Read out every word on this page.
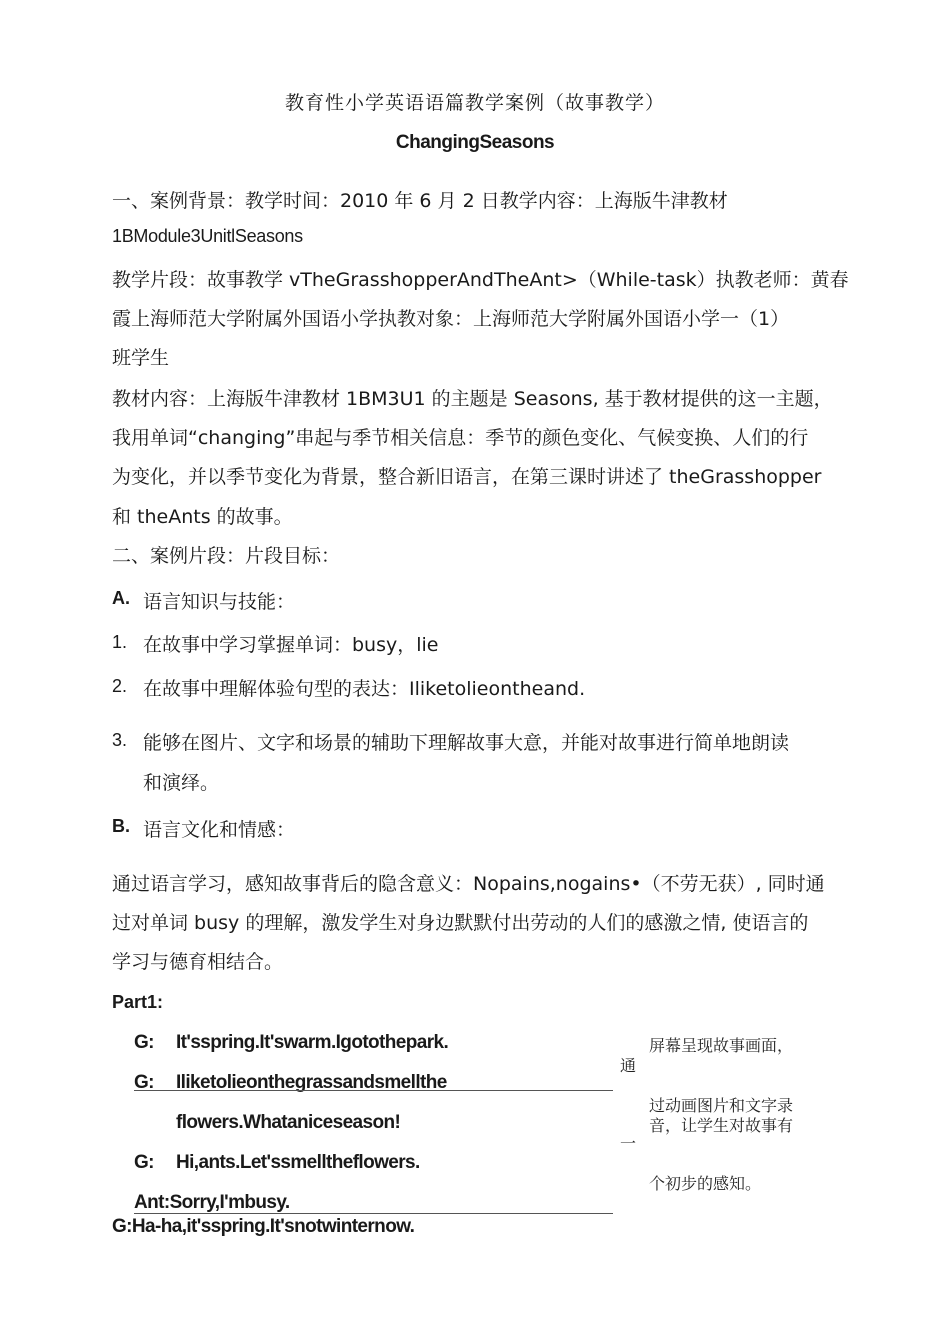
教育性小学英语语篇教学案例（故事教学）
ChangingSeasons
一、案例背景：教学时间：2010 年 6 月 2 日教学内容：上海版牛津教材
1BModule3UnitlSeasons
教学片段：故事教学 vTheGrasshopperAndTheAnt>（While-task）执教老师：黄春
霞上海师范大学附属外国语小学执教对象：上海师范大学附属外国语小学一（1）
班学生
教材内容：上海版牛津教材 1BM3U1 的主题是 Seasons, 基于教材提供的这一主题，
我用单词“changing”串起与季节相关信息：季节的颜色变化、气候变换、人们的行
为变化，并以季节变化为背景，整合新旧语言，在第三课时讲述了 theGrasshopper
和 theAnts 的故事。
二、案例片段：片段目标：
A. 语言知识与技能：
1. 在故事中学习掌握单词：busy，lie
2. 在故事中理解体验句型的表达：Iliketolieontheand.
3. 能够在图片、文字和场景的辅助下理解故事大意，并能对故事进行简单地朗读
和演绎。
B. 语言文化和情感：
通过语言学习，感知故事背后的隐含意义：Nopains,nogains•（不劳无获）, 同时通
过对单词 busy 的理解，激发学生对身边默默付出劳动的人们的感激之情, 使语言的
学习与德育相结合。
Part1:
G: It'sspring.It'swarm.Igotothepark.
G: Iliketolieonthegrassandsmellthe
flowers.Whataniceseason!
G: Hi,ants.Let'ssmelltheflowers.
Ant:Sorry,I'mbusy.
G:Ha-ha,it'sspring.It'snotwinternow.
屏幕呈现故事画面，
通
过动画图片和文字录
音，让学生对故事有
一
个初步的感知。
